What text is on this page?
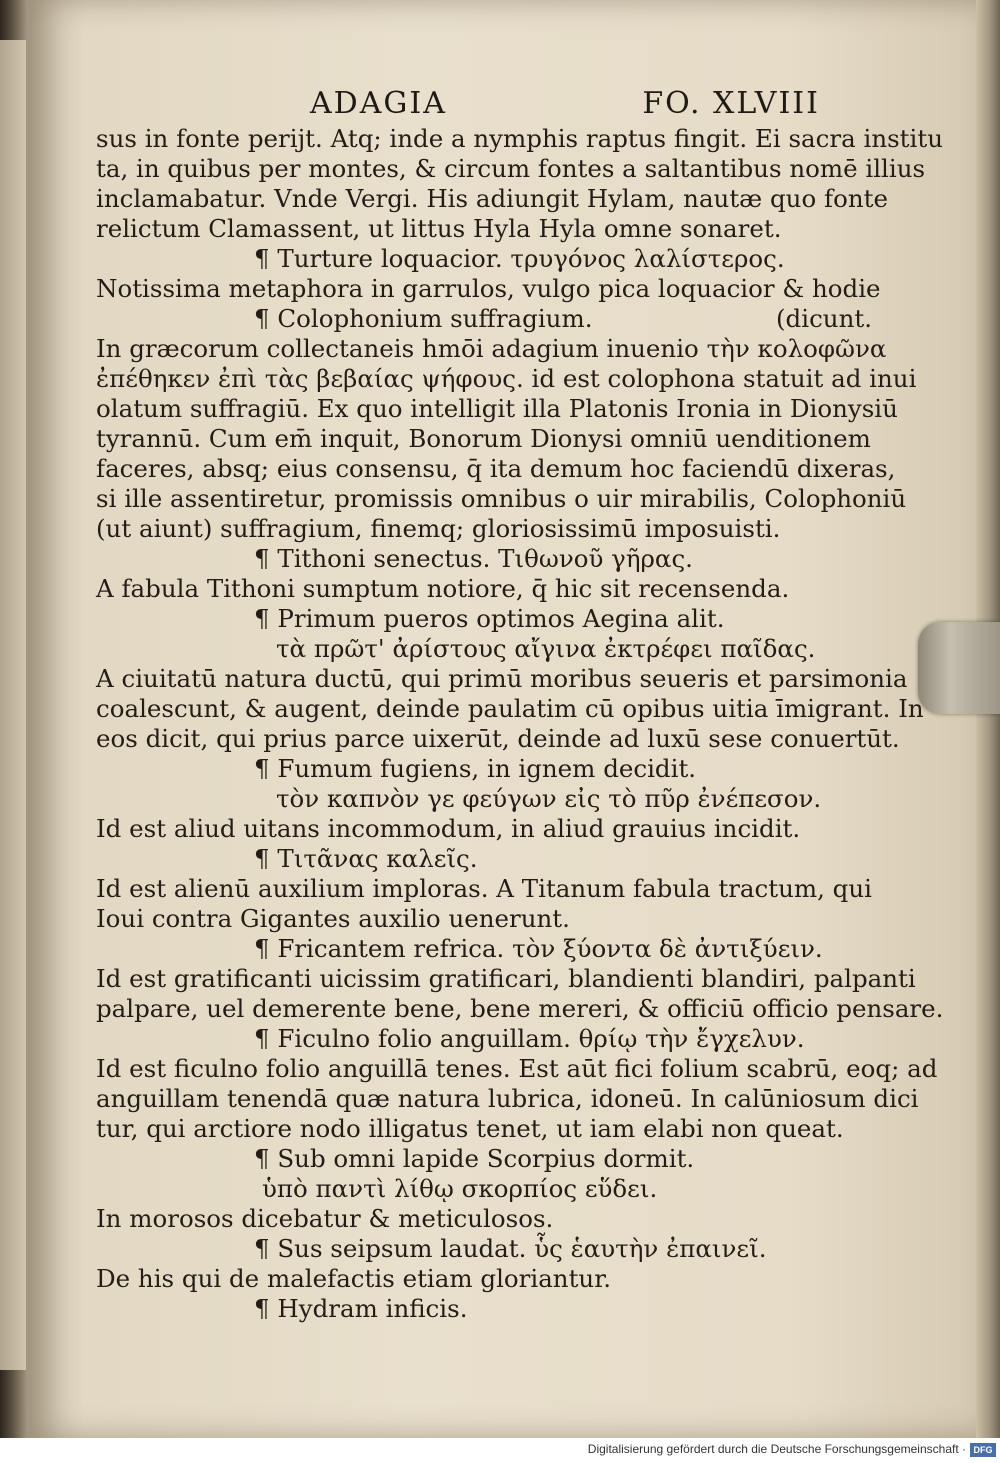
ADAGIA	FO. XLVIII
sus in fonte perijt. Atq; inde a nymphis raptus fingit. Ei sacra institu
ta, in quibus per montes, & circum fontes a saltantibus nomē illius
inclamabatur. Vnde Vergi. His adiungit Hylam, nautæ quo fonte
relictum Clamassent, ut littus Hyla Hyla omne sonaret.
¶ Turture loquacior. τρυγόνος λαλίστερος.
Notissima metaphora in garrulos, vulgo pica loquacior & hodie
¶ Colophonium suffragium.	(dicunt.
In græcorum collectaneis hmōi adagium inuenio τὴν κολοφῶνα
ἐπέθηκεν ἐπὶ τὰς βεβαίας ψήφους. id est colophona statuit ad inui
olatum suffragiū. Ex quo intelligit illa Platonis Ironia in Dionysiū
tyrannū. Cum em̄ inquit, Bonorum Dionysi omniū uenditionem
faceres, absq; eius consensu, q̄ ita demum hoc faciendū dixeras,
si ille assentiretur, promissis omnibus o uir mirabilis, Colophoniū
(ut aiunt) suffragium, finemq; gloriosissimū imposuisti.
¶ Tithoni senectus. Τιθωνοῦ γῆρας.
A fabula Tithoni sumptum notiore, q̄ hic sit recensenda.
¶ Primum pueros optimos Aegina alit.
τὰ πρῶτ' ἀρίστους αἴγινα ἐκτρέφει παῖδας.
A ciuitatū natura ductū, qui primū moribus seueris et parsimonia
coalescunt, & augent, deinde paulatim cū opibus uitia īmigrant. In
eos dicit, qui prius parce uixerūt, deinde ad luxū sese conuertūt.
¶ Fumum fugiens, in ignem decidit.
τὸν καπνὸν γε φεύγων εἰς τὸ πῦρ ἐνέπεσον.
Id est aliud uitans incommodum, in aliud grauius incidit.
¶ Τιτᾶνας καλεῖς.
Id est alienū auxilium imploras. A Titanum fabula tractum, qui
Ioui contra Gigantes auxilio uenerunt.
¶ Fricantem refrica. τὸν ξύοντα δὲ ἀντιξύειν.
Id est gratificanti uicissim gratificari, blandienti blandiri, palpanti
palpare, uel demerente bene, bene mereri, & officiū officio pensare.
¶ Ficulno folio anguillam. θρίῳ τὴν ἔγχελυν.
Id est ficulno folio anguillā tenes. Est aūt fici folium scabrū, eoq; ad
anguillam tenendā quæ natura lubrica, idoneū. In calūniosum dici
tur, qui arctiore nodo illigatus tenet, ut iam elabi non queat.
¶ Sub omni lapide Scorpius dormit.
ὑπὸ παντὶ λίθῳ σκορπίος εὕδει.
In morosos dicebatur & meticulosos.
¶ Sus seipsum laudat. ὗς ἑαυτὴν ἐπαινεῖ.
De his qui de malefactis etiam gloriantur.
¶ Hydram inficis.
Digitalisierung gefördert durch die Deutsche Forschungsgemeinschaft · DFG
